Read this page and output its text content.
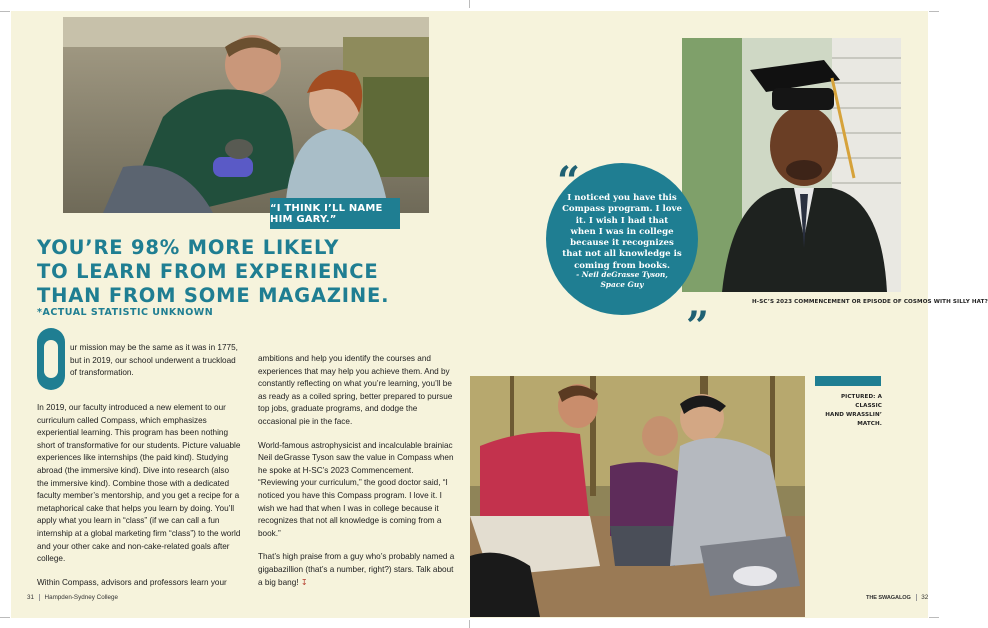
“I THINK I’LL NAME HIM GARY.”
YOU’RE 98% MORE LIKELY
TO LEARN FROM EXPERIENCE
THAN FROM SOME MAGAZINE.
*ACTUAL STATISTIC UNKNOWN

ur mission may be the same as it was in 1775, but in 2019, our school underwent a truckload of transformation.

In 2019, our faculty introduced a new element to our curriculum called Compass, which emphasizes experiential learning. This program has been nothing short of transformative for our students. Picture valuable experiences like internships (the paid kind). Studying abroad (the immersive kind). Dive into research (also the immersive kind). Combine those with a dedicated faculty member’s mentorship, and you get a recipe for a metaphorical cake that helps you learn by doing. You’ll apply what you learn in “class” (if we can call a fun internship at a global marketing firm “class”) to the world and your other cake and non-cake-related goals after college.

Within Compass, advisors and professors learn your

ambitions and help you identify the courses and experiences that may help you achieve them. And by constantly reflecting on what you’re learning, you’ll be as ready as a coiled spring, better prepared to pursue top jobs, graduate programs, and dodge the occasional pie in the face.

World-famous astrophysicist and incalculable brainiac Neil deGrasse Tyson saw the value in Compass when he spoke at H-SC’s 2023 Commencement. “Reviewing your curriculum,” the good doctor said, “I noticed you have this Compass program. I love it. I wish we had that when I was in college because it recognizes that not all knowledge is coming from a book.”

That’s high praise from a guy who’s probably named a gigabazillion (that’s a number, right?) stars. Talk about a big bang! ↧

31 Hampden-Sydney College
I noticed you have this Compass program. I love it. I wish I had that when I was in college because it recognizes that not all knowledge is coming from books.
- Neil deGrasse Tyson,
Space Guy
“
”
H-SC’S 2023 COMMENCEMENT OR EPISODE OF COSMOS WITH SILLY HAT?
PICTURED: A CLASSIC
HAND WRASSLIN’
MATCH.
THE SWAGALOG 32
